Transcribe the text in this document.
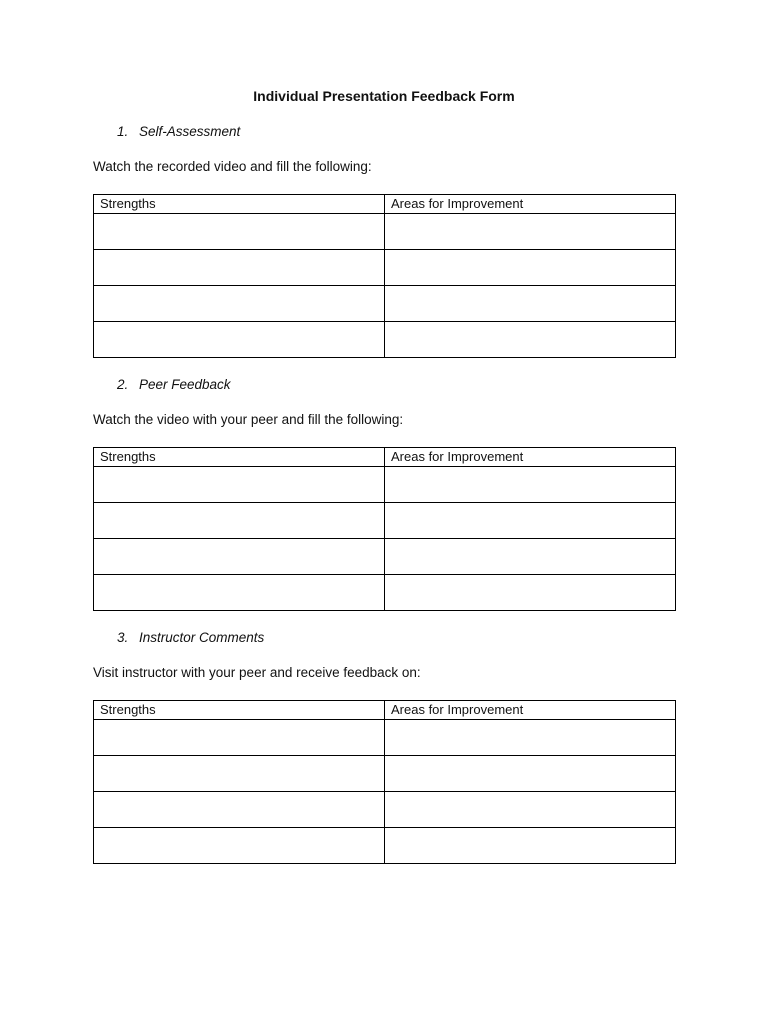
Individual Presentation Feedback Form
1. Self-Assessment
Watch the recorded video and fill the following:
Strengths	Areas for Improvement

2. Peer Feedback
Watch the video with your peer and fill the following:
Strengths	Areas for Improvement

3. Instructor Comments
Visit instructor with your peer and receive feedback on:
Strengths	Areas for Improvement
